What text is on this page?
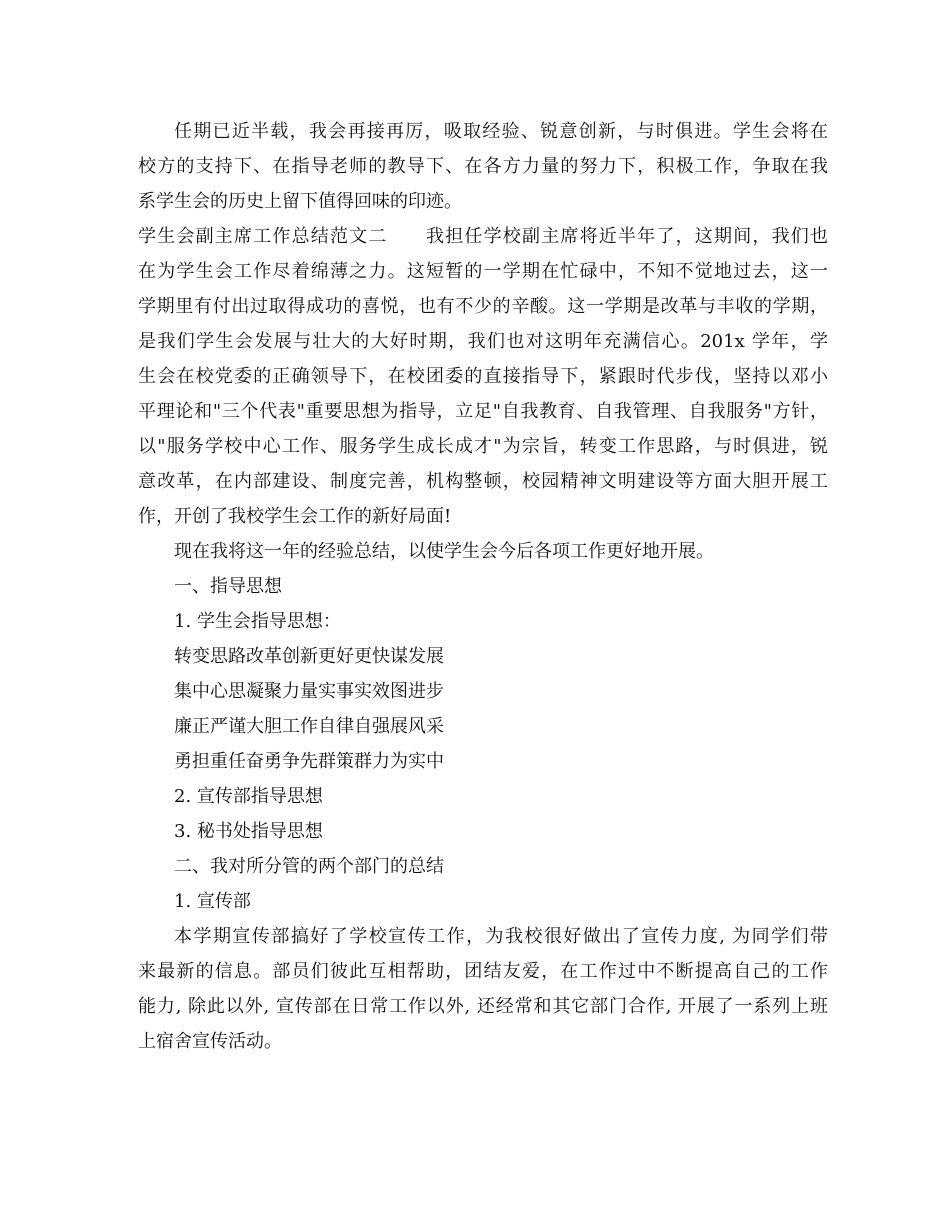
任期已近半载，我会再接再厉，吸取经验、锐意创新，与时俱进。学生会将在
校方的支持下、在指导老师的教导下、在各方力量的努力下，积极工作，争取在我
系学生会的历史上留下值得回味的印迹。
学生会副主席工作总结范文二　　我担任学校副主席将近半年了，这期间，我们也
在为学生会工作尽着绵薄之力。这短暂的一学期在忙碌中，不知不觉地过去，这一
学期里有付出过取得成功的喜悦，也有不少的辛酸。这一学期是改革与丰收的学期，
是我们学生会发展与壮大的大好时期，我们也对这明年充满信心。201x 学年，学
生会在校党委的正确领导下，在校团委的直接指导下，紧跟时代步伐，坚持以邓小
平理论和"三个代表"重要思想为指导，立足"自我教育、自我管理、自我服务"方针，
以"服务学校中心工作、服务学生成长成才"为宗旨，转变工作思路，与时俱进，锐
意改革，在内部建设、制度完善，机构整顿，校园精神文明建设等方面大胆开展工
作，开创了我校学生会工作的新好局面!
现在我将这一年的经验总结，以使学生会今后各项工作更好地开展。
一、指导思想
1. 学生会指导思想：
转变思路改革创新更好更快谋发展
集中心思凝聚力量实事实效图进步
廉正严谨大胆工作自律自强展风采
勇担重任奋勇争先群策群力为实中
2. 宣传部指导思想
3. 秘书处指导思想
二、我对所分管的两个部门的总结
1. 宣传部
本学期宣传部搞好了学校宣传工作，为我校很好做出了宣传力度, 为同学们带
来最新的信息。部员们彼此互相帮助，团结友爱，在工作过中不断提高自己的工作
能力, 除此以外, 宣传部在日常工作以外, 还经常和其它部门合作, 开展了一系列上班
上宿舍宣传活动。
